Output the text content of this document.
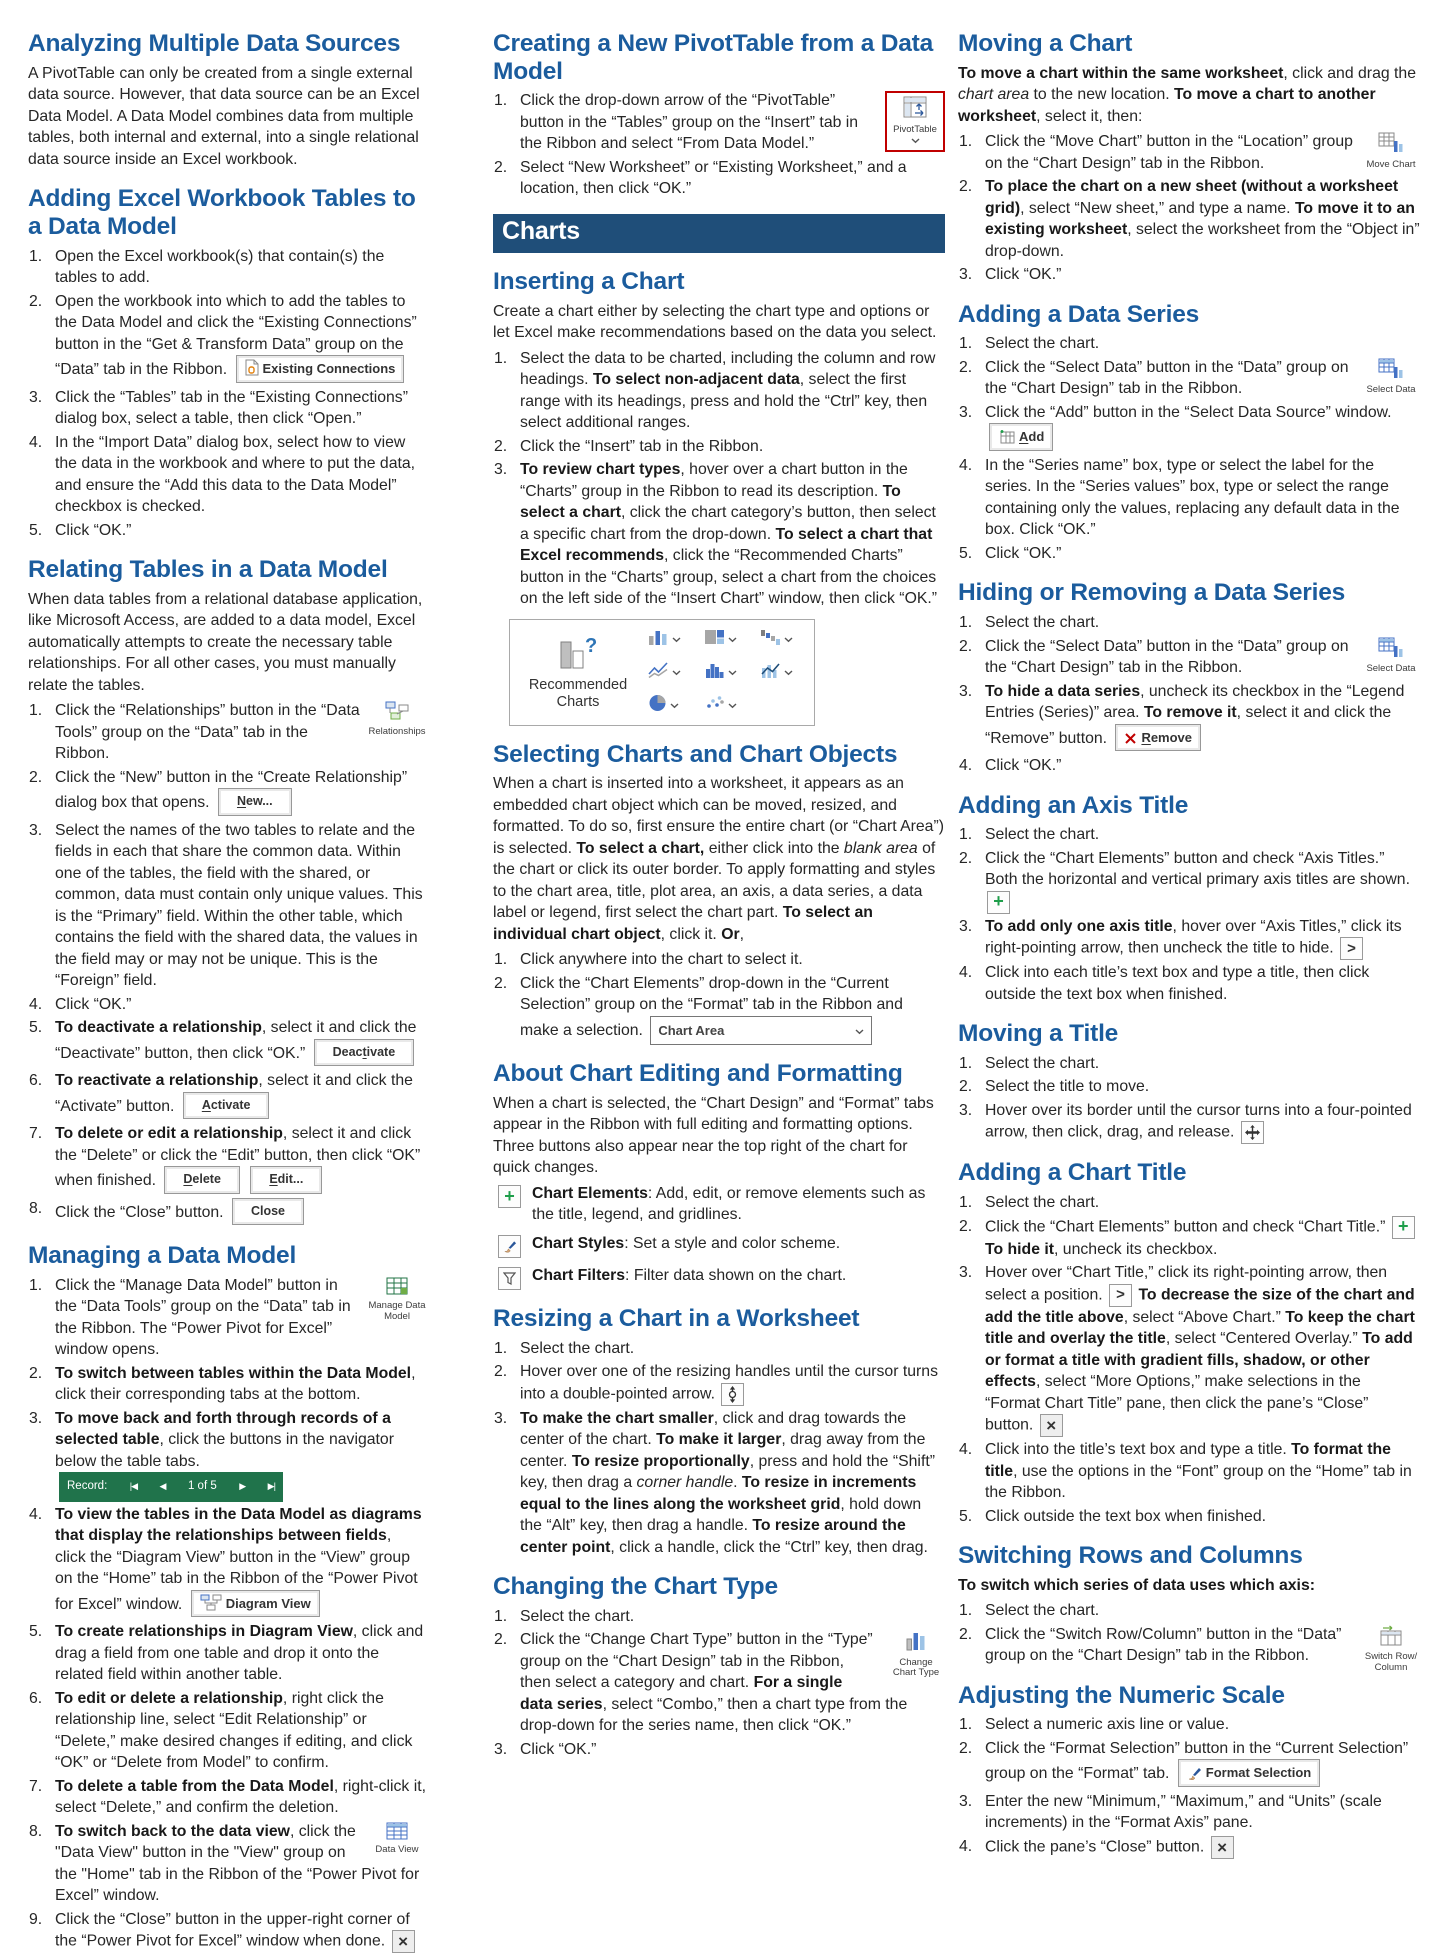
Analyzing Multiple Data Sources
A PivotTable can only be created from a single external data source. However, that data source can be an Excel Data Model. A Data Model combines data from multiple tables, both internal and external, into a single relational data source inside an Excel workbook.
Adding Excel Workbook Tables to a Data Model
1. Open the Excel workbook(s) that contain(s) the tables to add.
2. Open the workbook into which to add the tables to the Data Model and click the “Existing Connections” button in the “Get & Transform Data” group on the “Data” tab in the Ribbon. Existing Connections
3. Click the “Tables” tab in the “Existing Connections” dialog box, select a table, then click “Open.”
4. In the “Import Data” dialog box, select how to view the data in the workbook and where to put the data, and ensure the “Add this data to the Data Model” checkbox is checked.
5. Click “OK.”
Relating Tables in a Data Model
When data tables from a relational database application, like Microsoft Access, are added to a data model, Excel automatically attempts to create the necessary table relationships. For all other cases, you must manually relate the tables.
1.
Relationships
Click the “Relationships” button in the “Data Tools” group on the “Data” tab in the Ribbon.
2. Click the “New” button in the “Create Relationship” dialog box that opens. New...
3. Select the names of the two tables to relate and the fields in each that share the common data. Within one of the tables, the field with the shared, or common, data must contain only unique values. This is the “Primary” field. Within the other table, which contains the field with the shared data, the values in the field may or may not be unique. This is the “Foreign” field.
4. Click “OK.”
5. To deactivate a relationship, select it and click the “Deactivate” button, then click “OK.” Deactivate
6. To reactivate a relationship, select it and click the “Activate” button. Activate
7. To delete or edit a relationship, select it and click the “Delete” or click the “Edit” button, then click “OK” when finished. Delete	Edit...
8. Click the “Close” button. Close
Managing a Data Model
1.
Manage Data Model
Click the “Manage Data Model” button in the “Data Tools” group on the “Data” tab in the Ribbon. The “Power Pivot for Excel” window opens.
2. To switch between tables within the Data Model, click their corresponding tabs at the bottom.
3. To move back and forth through records of a selected table, click the buttons in the navigator below the table tabs.
Record:	|◀	◀ 1 of 5	▶	▶|
4. To view the tables in the Data Model as diagrams that display the relationships between fields, click the “Diagram View” button in the “View” group on the “Home” tab in the Ribbon of the “Power Pivot for Excel” window.	Diagram View
5. To create relationships in Diagram View, click and drag a field from one table and drop it onto the related field within another table.
6. To edit or delete a relationship, right click the relationship line, select “Edit Relationship” or “Delete,” make desired changes if editing, and click “OK” or “Delete from Model” to confirm.
7. To delete a table from the Data Model, right-click it, select “Delete,” and confirm the deletion.
8.
Data View
To switch back to the data view, click the "Data View" button in the "View" group on the "Home" tab in the Ribbon of the “Power Pivot for Excel” window.
9. Click the “Close” button in the upper-right corner of the “Power Pivot for Excel” window when done. ×
Creating a New PivotTable from a Data Model
1.
PivotTable
Click the drop-down arrow of the “PivotTable” button in the “Tables” group on the “Insert” tab in the Ribbon and select “From Data Model.”
2. Select “New Worksheet” or “Existing Worksheet,” and a location, then click “OK.”
Charts
Inserting a Chart
Create a chart either by selecting the chart type and options or let Excel make recommendations based on the data you select.
1. Select the data to be charted, including the column and row headings. To select non-adjacent data, select the first range with its headings, press and hold the “Ctrl” key, then select additional ranges.
2. Click the “Insert” tab in the Ribbon.
3. To review chart types, hover over a chart button in the “Charts” group in the Ribbon to read its description. To select a chart, click the chart category’s button, then select a specific chart from the drop-down. To select a chart that Excel recommends, click the “Recommended Charts” button in the “Charts” group, select a chart from the choices on the left side of the “Insert Chart” window, then click “OK.”
?
Recommended Charts
Selecting Charts and Chart Objects
When a chart is inserted into a worksheet, it appears as an embedded chart object which can be moved, resized, and formatted. To do so, first ensure the entire chart (or “Chart Area”) is selected. To select a chart, either click into the blank area of the chart or click its outer border. To apply formatting and styles to the chart area, title, plot area, an axis, a data series, a data label or legend, first select the chart part. To select an individual chart object, click it. Or,
1. Click anywhere into the chart to select it.
2. Click the “Chart Elements” drop-down in the “Current Selection” group on the “Format” tab in the Ribbon and make a selection. Chart Area
About Chart Editing and Formatting
When a chart is selected, the “Chart Design” and “Format” tabs appear in the Ribbon with full editing and formatting options. Three buttons also appear near the top right of the chart for quick changes.
+	Chart Elements: Add, edit, or remove elements such as the title, legend, and gridlines.
Chart Styles: Set a style and color scheme.
Chart Filters: Filter data shown on the chart.
Resizing a Chart in a Worksheet
1. Select the chart.
2. Hover over one of the resizing handles until the cursor turns into a double-pointed arrow.
3. To make the chart smaller, click and drag towards the center of the chart. To make it larger, drag away from the center. To resize proportionally, press and hold the “Shift” key, then drag a corner handle. To resize in increments equal to the lines along the worksheet grid, hold down the “Alt” key, then drag a handle. To resize around the center point, click a handle, click the “Ctrl” key, then drag.
Changing the Chart Type
1. Select the chart.
2.
Change Chart Type
Click the “Change Chart Type” button in the “Type” group on the “Chart Design” tab in the Ribbon, then select a category and chart. For a single data series, select “Combo,” then a chart type from the drop-down for the series name, then click “OK.”
3. Click “OK.”
Moving a Chart
To move a chart within the same worksheet, click and drag the chart area to the new location. To move a chart to another worksheet, select it, then:
1.
Move Chart
Click the “Move Chart” button in the “Location” group on the “Chart Design” tab in the Ribbon.
2. To place the chart on a new sheet (without a worksheet grid), select “New sheet,” and type a name. To move it to an existing worksheet, select the worksheet from the “Object in” drop-down.
3. Click “OK.”
Adding a Data Series
1. Select the chart.
2.
Select Data
Click the “Select Data” button in the “Data” group on the “Chart Design” tab in the Ribbon.
3. Click the “Add” button in the “Select Data Source” window. Add
4. In the “Series name” box, type or select the label for the series. In the “Series values” box, type or select the range containing only the values, replacing any default data in the box. Click “OK.”
5. Click “OK.”
Hiding or Removing a Data Series
1. Select the chart.
2.
Select Data
Click the “Select Data” button in the “Data” group on the “Chart Design” tab in the Ribbon.
3. To hide a data series, uncheck its checkbox in the “Legend Entries (Series)” area. To remove it, select it and click the “Remove” button. Remove
4. Click “OK.”
Adding an Axis Title
1. Select the chart.
2. Click the “Chart Elements” button and check “Axis Titles.” Both the horizontal and vertical primary axis titles are shown. +
3. To add only one axis title, hover over “Axis Titles,” click its right-pointing arrow, then uncheck the title to hide. >
4. Click into each title’s text box and type a title, then click outside the text box when finished.
Moving a Title
1. Select the chart.
2. Select the title to move.
3. Hover over its border until the cursor turns into a four-pointed arrow, then click, drag, and release.
Adding a Chart Title
1. Select the chart.
2. Click the “Chart Elements” button and check “Chart Title.” + To hide it, uncheck its checkbox.
3. Hover over “Chart Title,” click its right-pointing arrow, then select a position. > To decrease the size of the chart and add the title above, select “Above Chart.” To keep the chart title and overlay the title, select “Centered Overlay.” To add or format a title with gradient fills, shadow, or other effects, select “More Options,” make selections in the “Format Chart Title” pane, then click the pane’s “Close” button. ×
4. Click into the title’s text box and type a title. To format the title, use the options in the “Font” group on the “Home” tab in the Ribbon.
5. Click outside the text box when finished.
Switching Rows and Columns
To switch which series of data uses which axis:
1. Select the chart.
2.
Switch Row/ Column
Click the “Switch Row/Column” button in the “Data” group on the “Chart Design” tab in the Ribbon.
Adjusting the Numeric Scale
1. Select a numeric axis line or value.
2. Click the “Format Selection” button in the “Current Selection” group on the “Format” tab. Format Selection
3. Enter the new “Minimum,” “Maximum,” and “Units” (scale increments) in the “Format Axis” pane.
4. Click the pane’s “Close” button. ×
